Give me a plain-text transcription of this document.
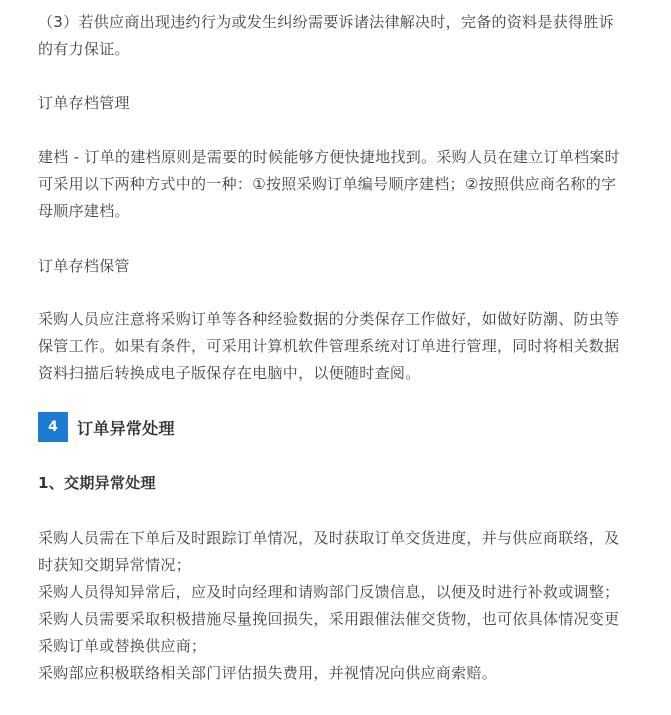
（3）若供应商出现违约行为或发生纠纷需要诉诸法律解决时，完备的资料是获得胜诉的有力保证。

订单存档管理

建档 - 订单的建档原则是需要的时候能够方便快捷地找到。采购人员在建立订单档案时可采用以下两种方式中的一种：①按照采购订单编号顺序建档；②按照供应商名称的字母顺序建档。

订单存档保管

采购人员应注意将采购订单等各种经验数据的分类保存工作做好，如做好防潮、防虫等保管工作。如果有条件，可采用计算机软件管理系统对订单进行管理，同时将相关数据资料扫描后转换成电子版保存在电脑中，以便随时查阅。

4	订单异常处理
1、交期异常处理

采购人员需在下单后及时跟踪订单情况，及时获取订单交货进度，并与供应商联络，及时获知交期异常情况；

采购人员得知异常后，应及时向经理和请购部门反馈信息，以便及时进行补救或调整；

采购人员需要采取积极措施尽量挽回损失，采用跟催法催交货物，也可依具体情况变更采购订单或替换供应商；

采购部应积极联络相关部门评估损失费用，并视情况向供应商索赔。
